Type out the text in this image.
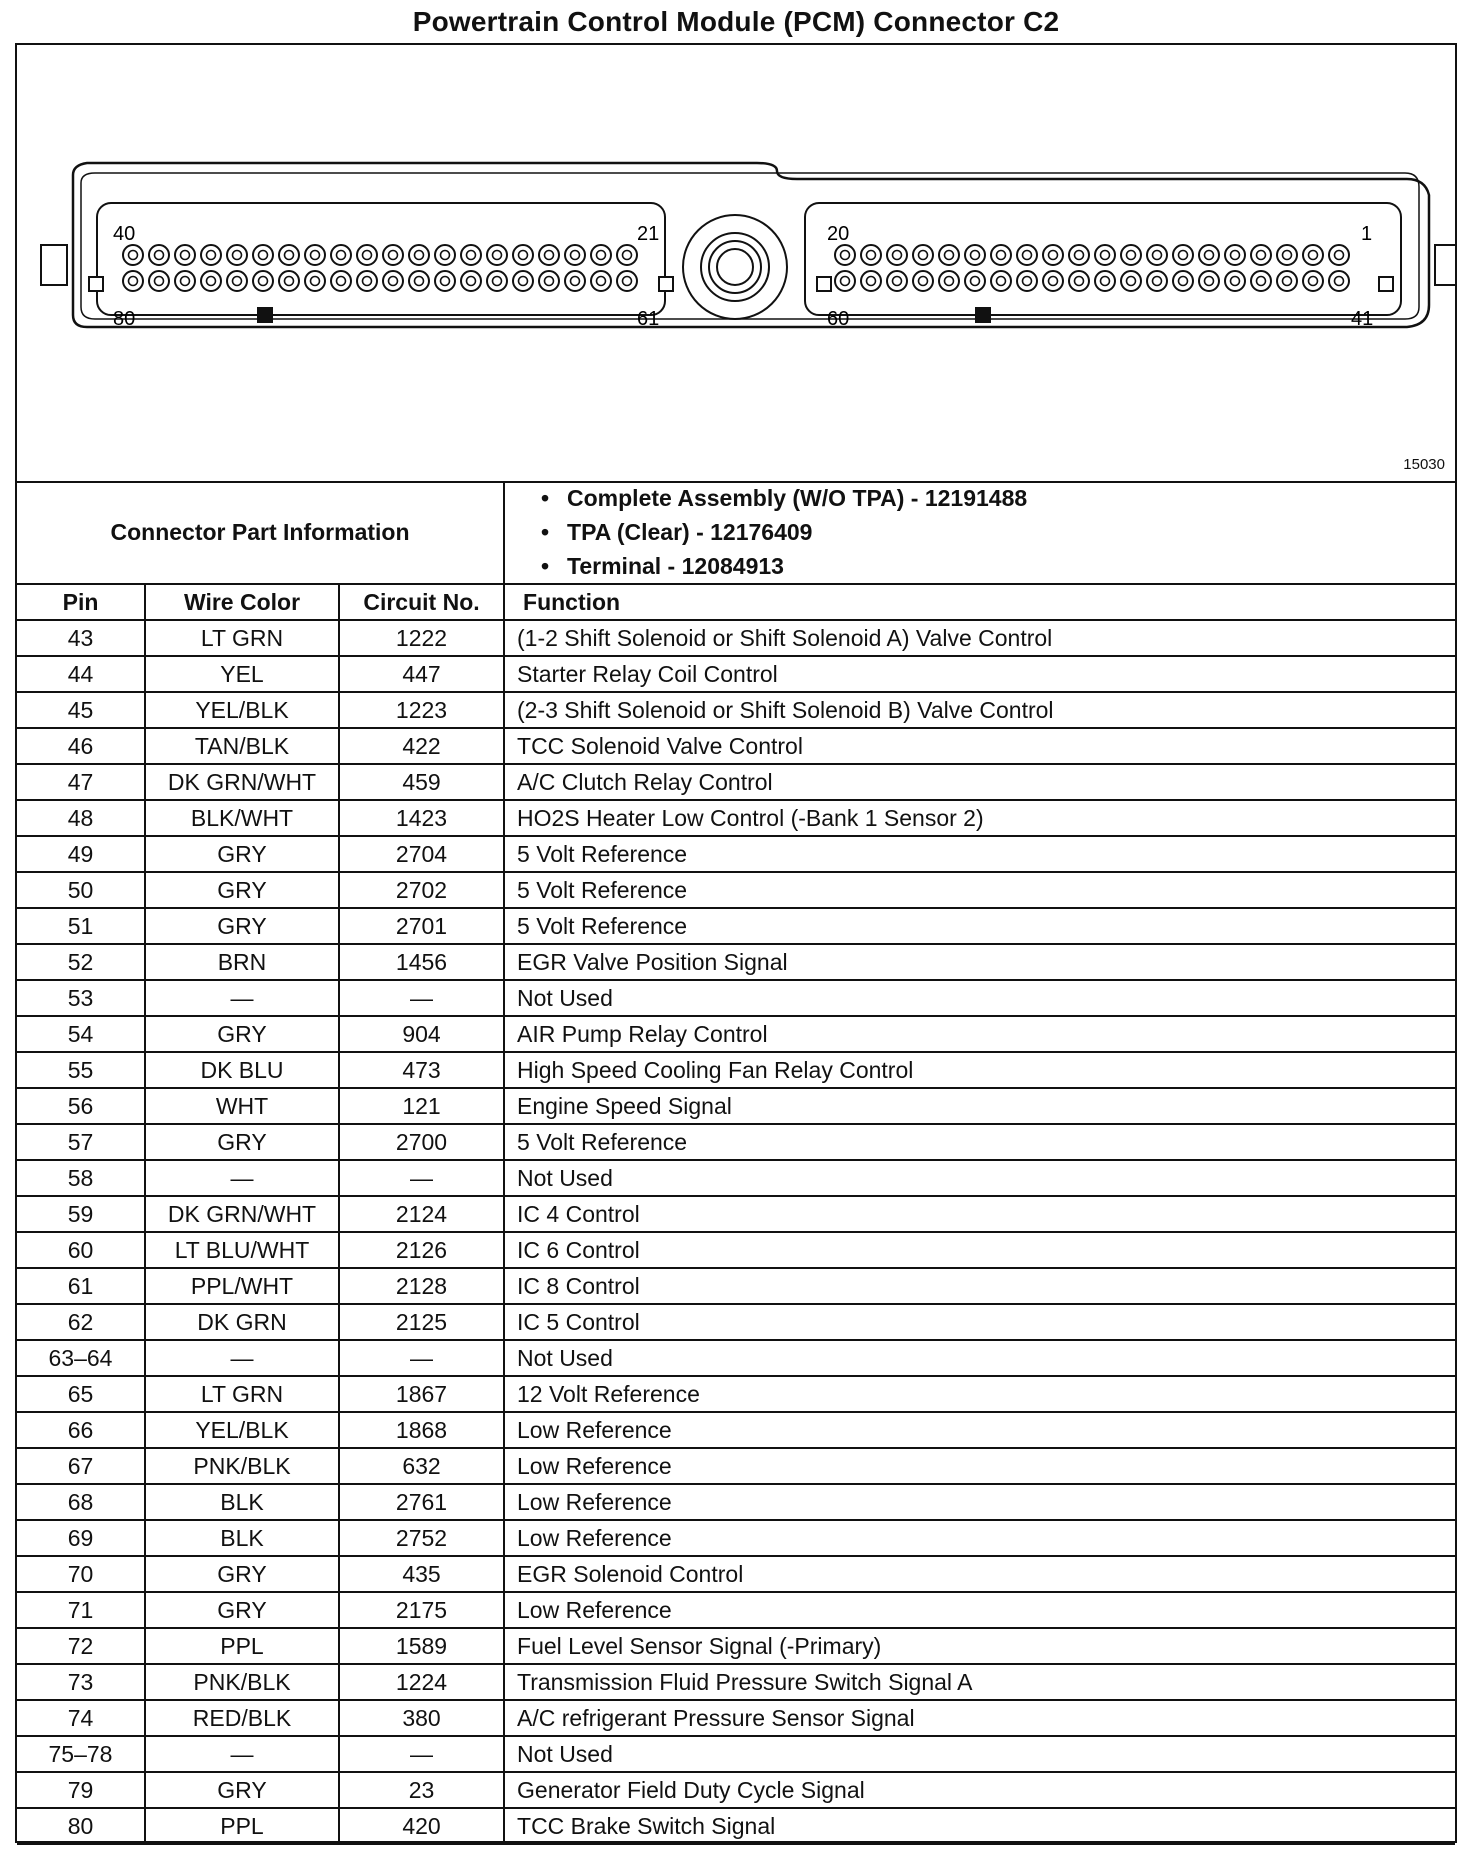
Powertrain Control Module (PCM) Connector C2
40	21
80	61
20	1
60	41
15030
Connector Part Information			• Complete Assembly (W/O TPA) - 12191488
• TPA (Clear) - 12176409
• Terminal - 12084913

Pin	Wire Color	Circuit No.	Function
43	LT GRN	1222	(1-2 Shift Solenoid or Shift Solenoid A) Valve Control
44	YEL	447	Starter Relay Coil Control
45	YEL/BLK	1223	(2-3 Shift Solenoid or Shift Solenoid B) Valve Control
46	TAN/BLK	422	TCC Solenoid Valve Control
47	DK GRN/WHT	459	A/C Clutch Relay Control
48	BLK/WHT	1423	HO2S Heater Low Control (-Bank 1 Sensor 2)
49	GRY	2704	5 Volt Reference
50	GRY	2702	5 Volt Reference
51	GRY	2701	5 Volt Reference
52	BRN	1456	EGR Valve Position Signal
53	—	—	Not Used
54	GRY	904	AIR Pump Relay Control
55	DK BLU	473	High Speed Cooling Fan Relay Control
56	WHT	121	Engine Speed Signal
57	GRY	2700	5 Volt Reference
58	—	—	Not Used
59	DK GRN/WHT	2124	IC 4 Control
60	LT BLU/WHT	2126	IC 6 Control
61	PPL/WHT	2128	IC 8 Control
62	DK GRN	2125	IC 5 Control
63–64	—	—	Not Used
65	LT GRN	1867	12 Volt Reference
66	YEL/BLK	1868	Low Reference
67	PNK/BLK	632	Low Reference
68	BLK	2761	Low Reference
69	BLK	2752	Low Reference
70	GRY	435	EGR Solenoid Control
71	GRY	2175	Low Reference
72	PPL	1589	Fuel Level Sensor Signal (-Primary)
73	PNK/BLK	1224	Transmission Fluid Pressure Switch Signal A
74	RED/BLK	380	A/C refrigerant Pressure Sensor Signal
75–78	—	—	Not Used
79	GRY	23	Generator Field Duty Cycle Signal
80	PPL	420	TCC Brake Switch Signal
